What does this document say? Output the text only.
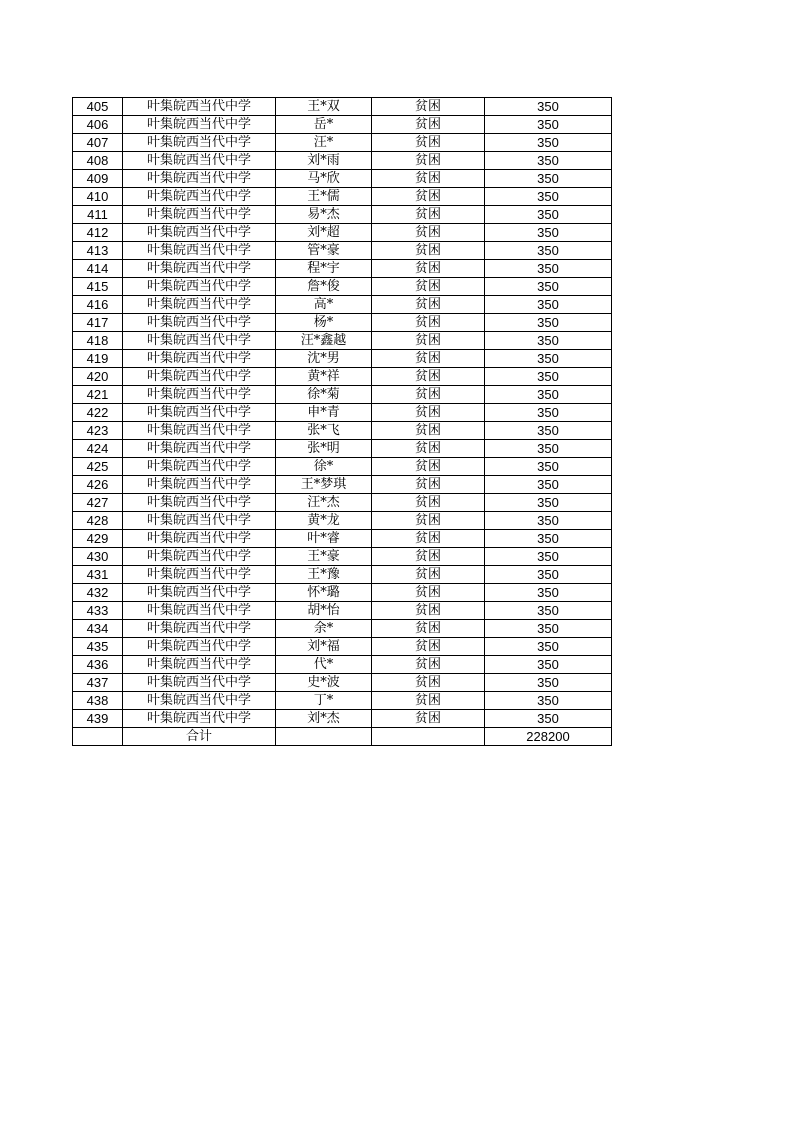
405	叶集皖西当代中学	王*双	贫困	350
406	叶集皖西当代中学	岳*	贫困	350
407	叶集皖西当代中学	汪*	贫困	350
408	叶集皖西当代中学	刘*雨	贫困	350
409	叶集皖西当代中学	马*欣	贫困	350
410	叶集皖西当代中学	王*儒	贫困	350
411	叶集皖西当代中学	易*杰	贫困	350
412	叶集皖西当代中学	刘*超	贫困	350
413	叶集皖西当代中学	管*豪	贫困	350
414	叶集皖西当代中学	程*宇	贫困	350
415	叶集皖西当代中学	詹*俊	贫困	350
416	叶集皖西当代中学	高*	贫困	350
417	叶集皖西当代中学	杨*	贫困	350
418	叶集皖西当代中学	汪*鑫越	贫困	350
419	叶集皖西当代中学	沈*男	贫困	350
420	叶集皖西当代中学	黄*祥	贫困	350
421	叶集皖西当代中学	徐*菊	贫困	350
422	叶集皖西当代中学	申*青	贫困	350
423	叶集皖西当代中学	张*飞	贫困	350
424	叶集皖西当代中学	张*明	贫困	350
425	叶集皖西当代中学	徐*	贫困	350
426	叶集皖西当代中学	王*梦琪	贫困	350
427	叶集皖西当代中学	汪*杰	贫困	350
428	叶集皖西当代中学	黄*龙	贫困	350
429	叶集皖西当代中学	叶*睿	贫困	350
430	叶集皖西当代中学	王*豪	贫困	350
431	叶集皖西当代中学	王*豫	贫困	350
432	叶集皖西当代中学	怀*璐	贫困	350
433	叶集皖西当代中学	胡*怡	贫困	350
434	叶集皖西当代中学	余*	贫困	350
435	叶集皖西当代中学	刘*福	贫困	350
436	叶集皖西当代中学	代*	贫困	350
437	叶集皖西当代中学	史*波	贫困	350
438	叶集皖西当代中学	丁*	贫困	350
439	叶集皖西当代中学	刘*杰	贫困	350
	合计			228200
